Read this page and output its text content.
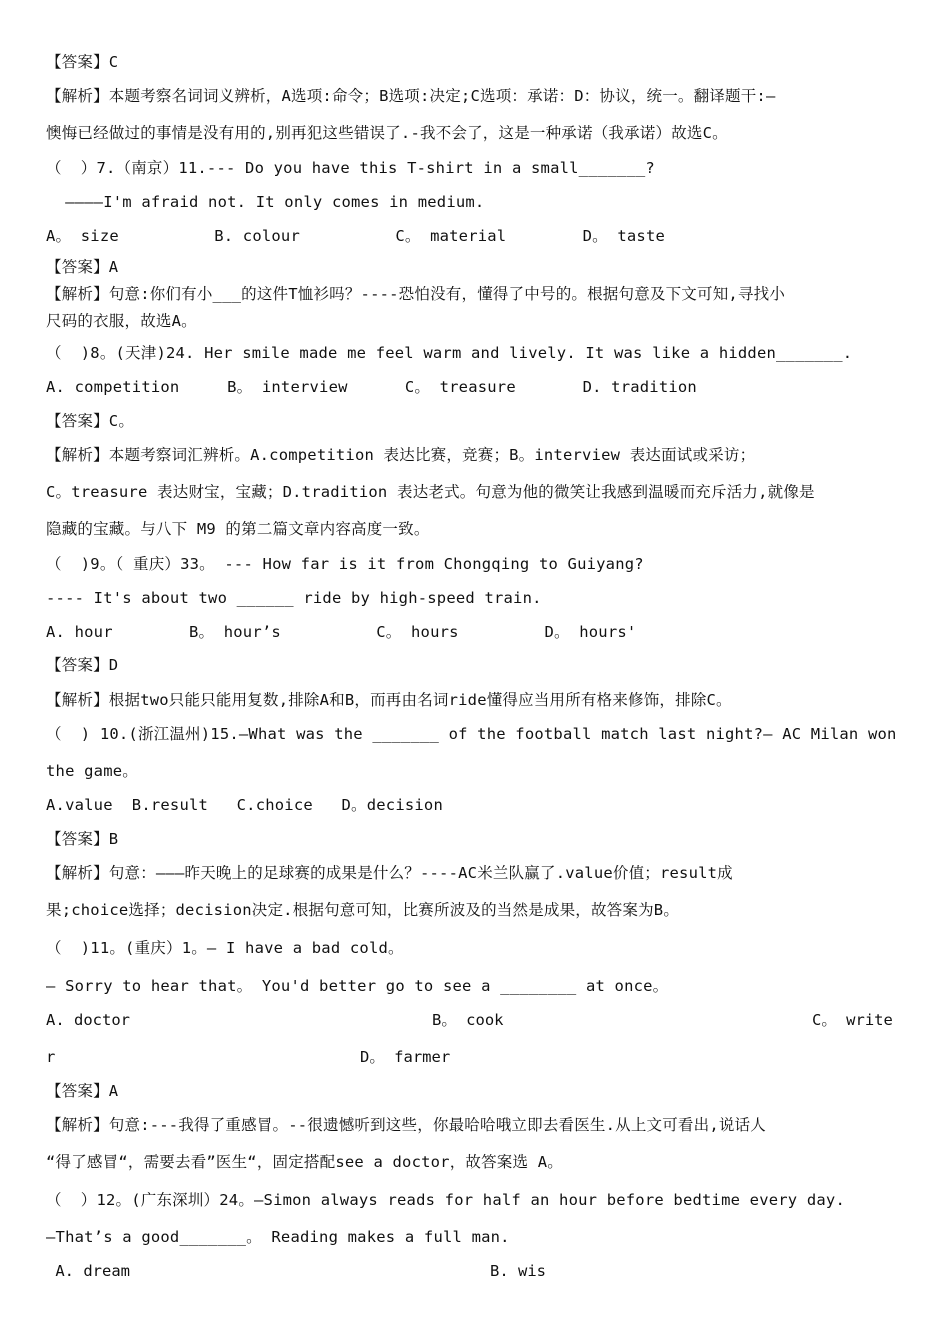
【答案】C
【解析】本题考察名词词义辨析，A选项:命令；B选项:决定;C选项：承诺：D：协议，统一。翻译题干:—
懊悔已经做过的事情是没有用的,别再犯这些错误了.-我不会了，这是一种承诺（我承诺）故选C。
（  ）7.（南京）11.--- Do you have this T-shirt in a small_______?
————I'm afraid not. It only comes in medium.
A。 size          B. colour          C。 material        D。 taste
【答案】A
【解析】句意:你们有小___的这件T恤衫吗？----恐怕没有，懂得了中号的。根据句意及下文可知,寻找小
尺码的衣服，故选A。
（  )8。(天津)24. Her smile made me feel warm and lively. It was like a hidden_______.
A. competition     B。 interview      C。 treasure       D. tradition
【答案】C。
【解析】本题考察词汇辨析。A.competition 表达比赛，竞赛；B。interview 表达面试或采访；
C。treasure 表达财宝，宝藏；D.tradition 表达老式。句意为他的微笑让我感到温暖而充斥活力,就像是
隐藏的宝藏。与八下 M9 的第二篇文章内容高度一致。
（  )9。（ 重庆）33。 --- How far is it from Chongqing to Guiyang?
---- It's about two ______ ride by high-speed train.
A. hour        B。 hour’s          C。 hours         D。 hours'
【答案】D
【解析】根据two只能只能用复数,排除A和B，而再由名词ride懂得应当用所有格来修饰，排除C。
（  ) 10.(浙江温州)15.—What was the _______ of the football match last night?— AC Milan won
the game。
A.value  B.result   C.choice   D。decision
【答案】B
【解析】句意：———昨天晚上的足球赛的成果是什么？----AC米兰队赢了.value价值；result成
果;choice选择；decision决定.根据句意可知，比赛所波及的当然是成果，故答案为B。
（  )11。(重庆）1。— I have a bad cold。
— Sorry to hear that。 You'd better go to see a ________ at once。
A. doctor	B。 cook	C。 write
r	D。 farmer
【答案】A
【解析】句意:---我得了重感冒。--很遗憾听到这些，你最哈哈哦立即去看医生.从上文可看出,说话人
“得了感冒“，需要去看”医生“，固定搭配see a doctor，故答案选 A。
（  ）12。(广东深圳）24。—Simon always reads for half an hour before bedtime every day.
—That’s a good_______。 Reading makes a full man.
A. dream	B. wis
